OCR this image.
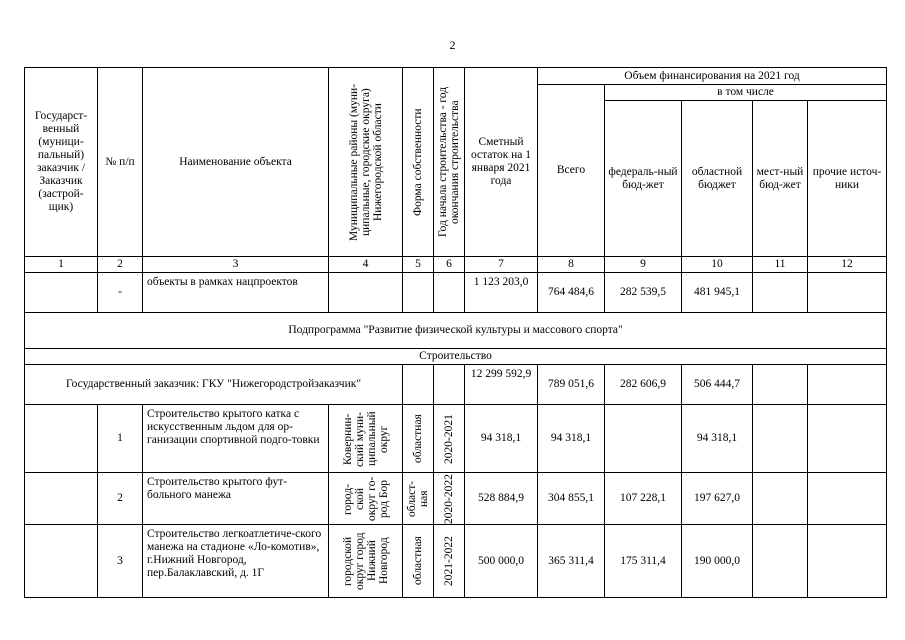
2
Государст-венный (муници-пальный) заказчик / Заказчик (застрой-щик)	№ п/п	Наименование объекта	Муниципальные районы (муни-ципальные, городские округа) Нижегородской области	Форма собственности	Год начала строительства - год окончания строительства	Сметный остаток на 1 января 2021 года	Объем финансирования на 2021 год				
							Всего	в том числе			
								федераль-ный бюд-жет	областной бюджет	мест-ный бюд-жет	прочие источ-ники
1	2	3	4	5	6	7	8	9	10	11	12
	-	объекты в рамках нацпроектов				1 123 203,0	764 484,6	282 539,5	481 945,1		
Подпрограмма "Развитие физической культуры и массового спорта"											
Строительство											
Государственный заказчик: ГКУ "Нижегородстройзаказчик"						12 299 592,9	789 051,6	282 606,9	506 444,7		
	1	Строительство крытого катка с искусственным льдом для ор-ганизации спортивной подго-товки	Ковернин-ский муни-ципальный округ	областная	2020-2021	94 318,1	94 318,1		94 318,1		
	2	Строительство крытого фут-больного манежа	город-ской округ го-род Бор	област-ная	2020-2022	528 884,9	304 855,1	107 228,1	197 627,0		
	3	Строительство легкоатлетиче-ского манежа на стадионе «Ло-комотив», г.Нижний Новгород, пер.Балаклавский, д. 1Г	городской округ город Нижний Новгород	областная	2021-2022	500 000,0	365 311,4	175 311,4	190 000,0		
